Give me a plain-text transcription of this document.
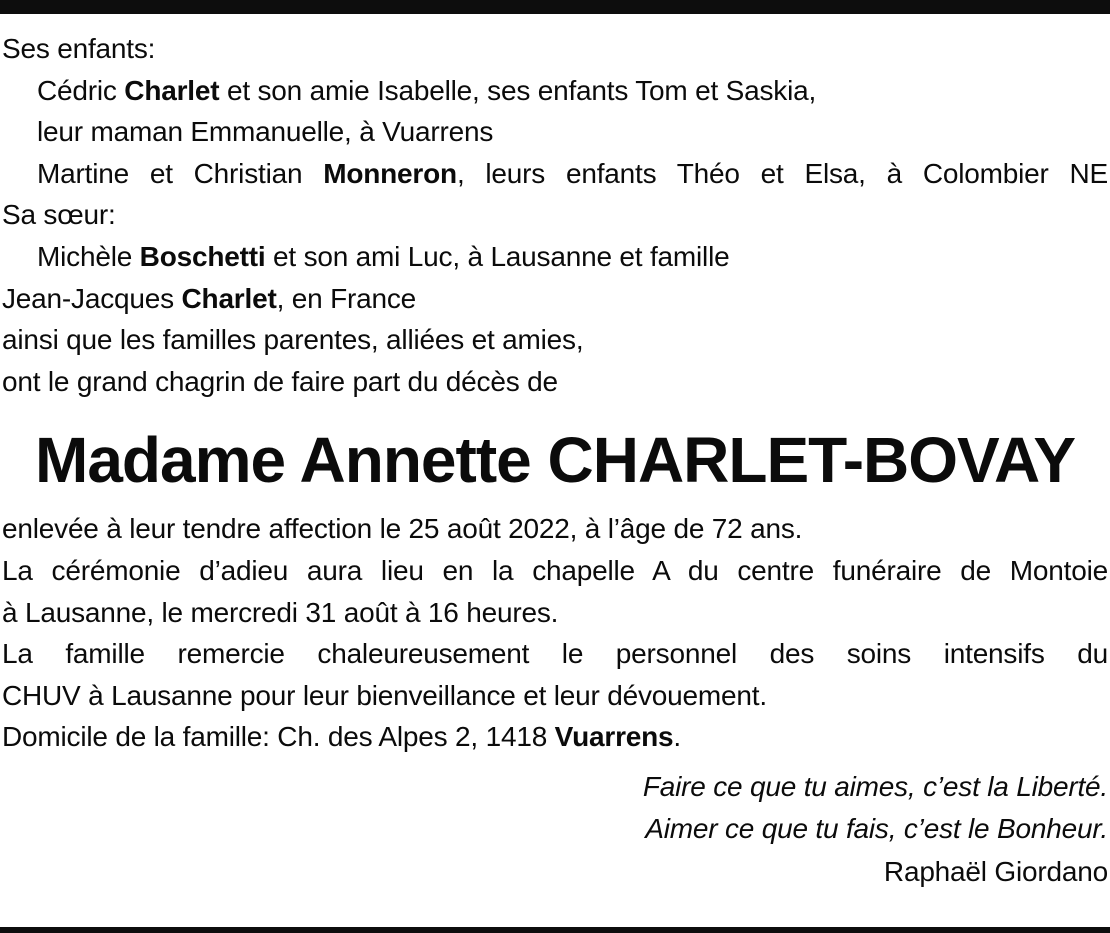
Ses enfants:
Cédric Charlet et son amie Isabelle, ses enfants Tom et Saskia,
leur maman Emmanuelle, à Vuarrens
Martine et Christian Monneron, leurs enfants Théo et Elsa, à Colombier NE
Sa sœur:
Michèle Boschetti et son ami Luc, à Lausanne et famille
Jean-Jacques Charlet, en France
ainsi que les familles parentes, alliées et amies,
ont le grand chagrin de faire part du décès de
Madame Annette CHARLET-BOVAY
enlevée à leur tendre affection le 25 août 2022, à l’âge de 72 ans.
La cérémonie d’adieu aura lieu en la chapelle A du centre funéraire de Montoie
à Lausanne, le mercredi 31 août à 16 heures.
La famille remercie chaleureusement le personnel des soins intensifs du
CHUV à Lausanne pour leur bienveillance et leur dévouement.
Domicile de la famille: Ch. des Alpes 2, 1418 Vuarrens.
Faire ce que tu aimes, c’est la Liberté.
Aimer ce que tu fais, c’est le Bonheur.
Raphaël Giordano
